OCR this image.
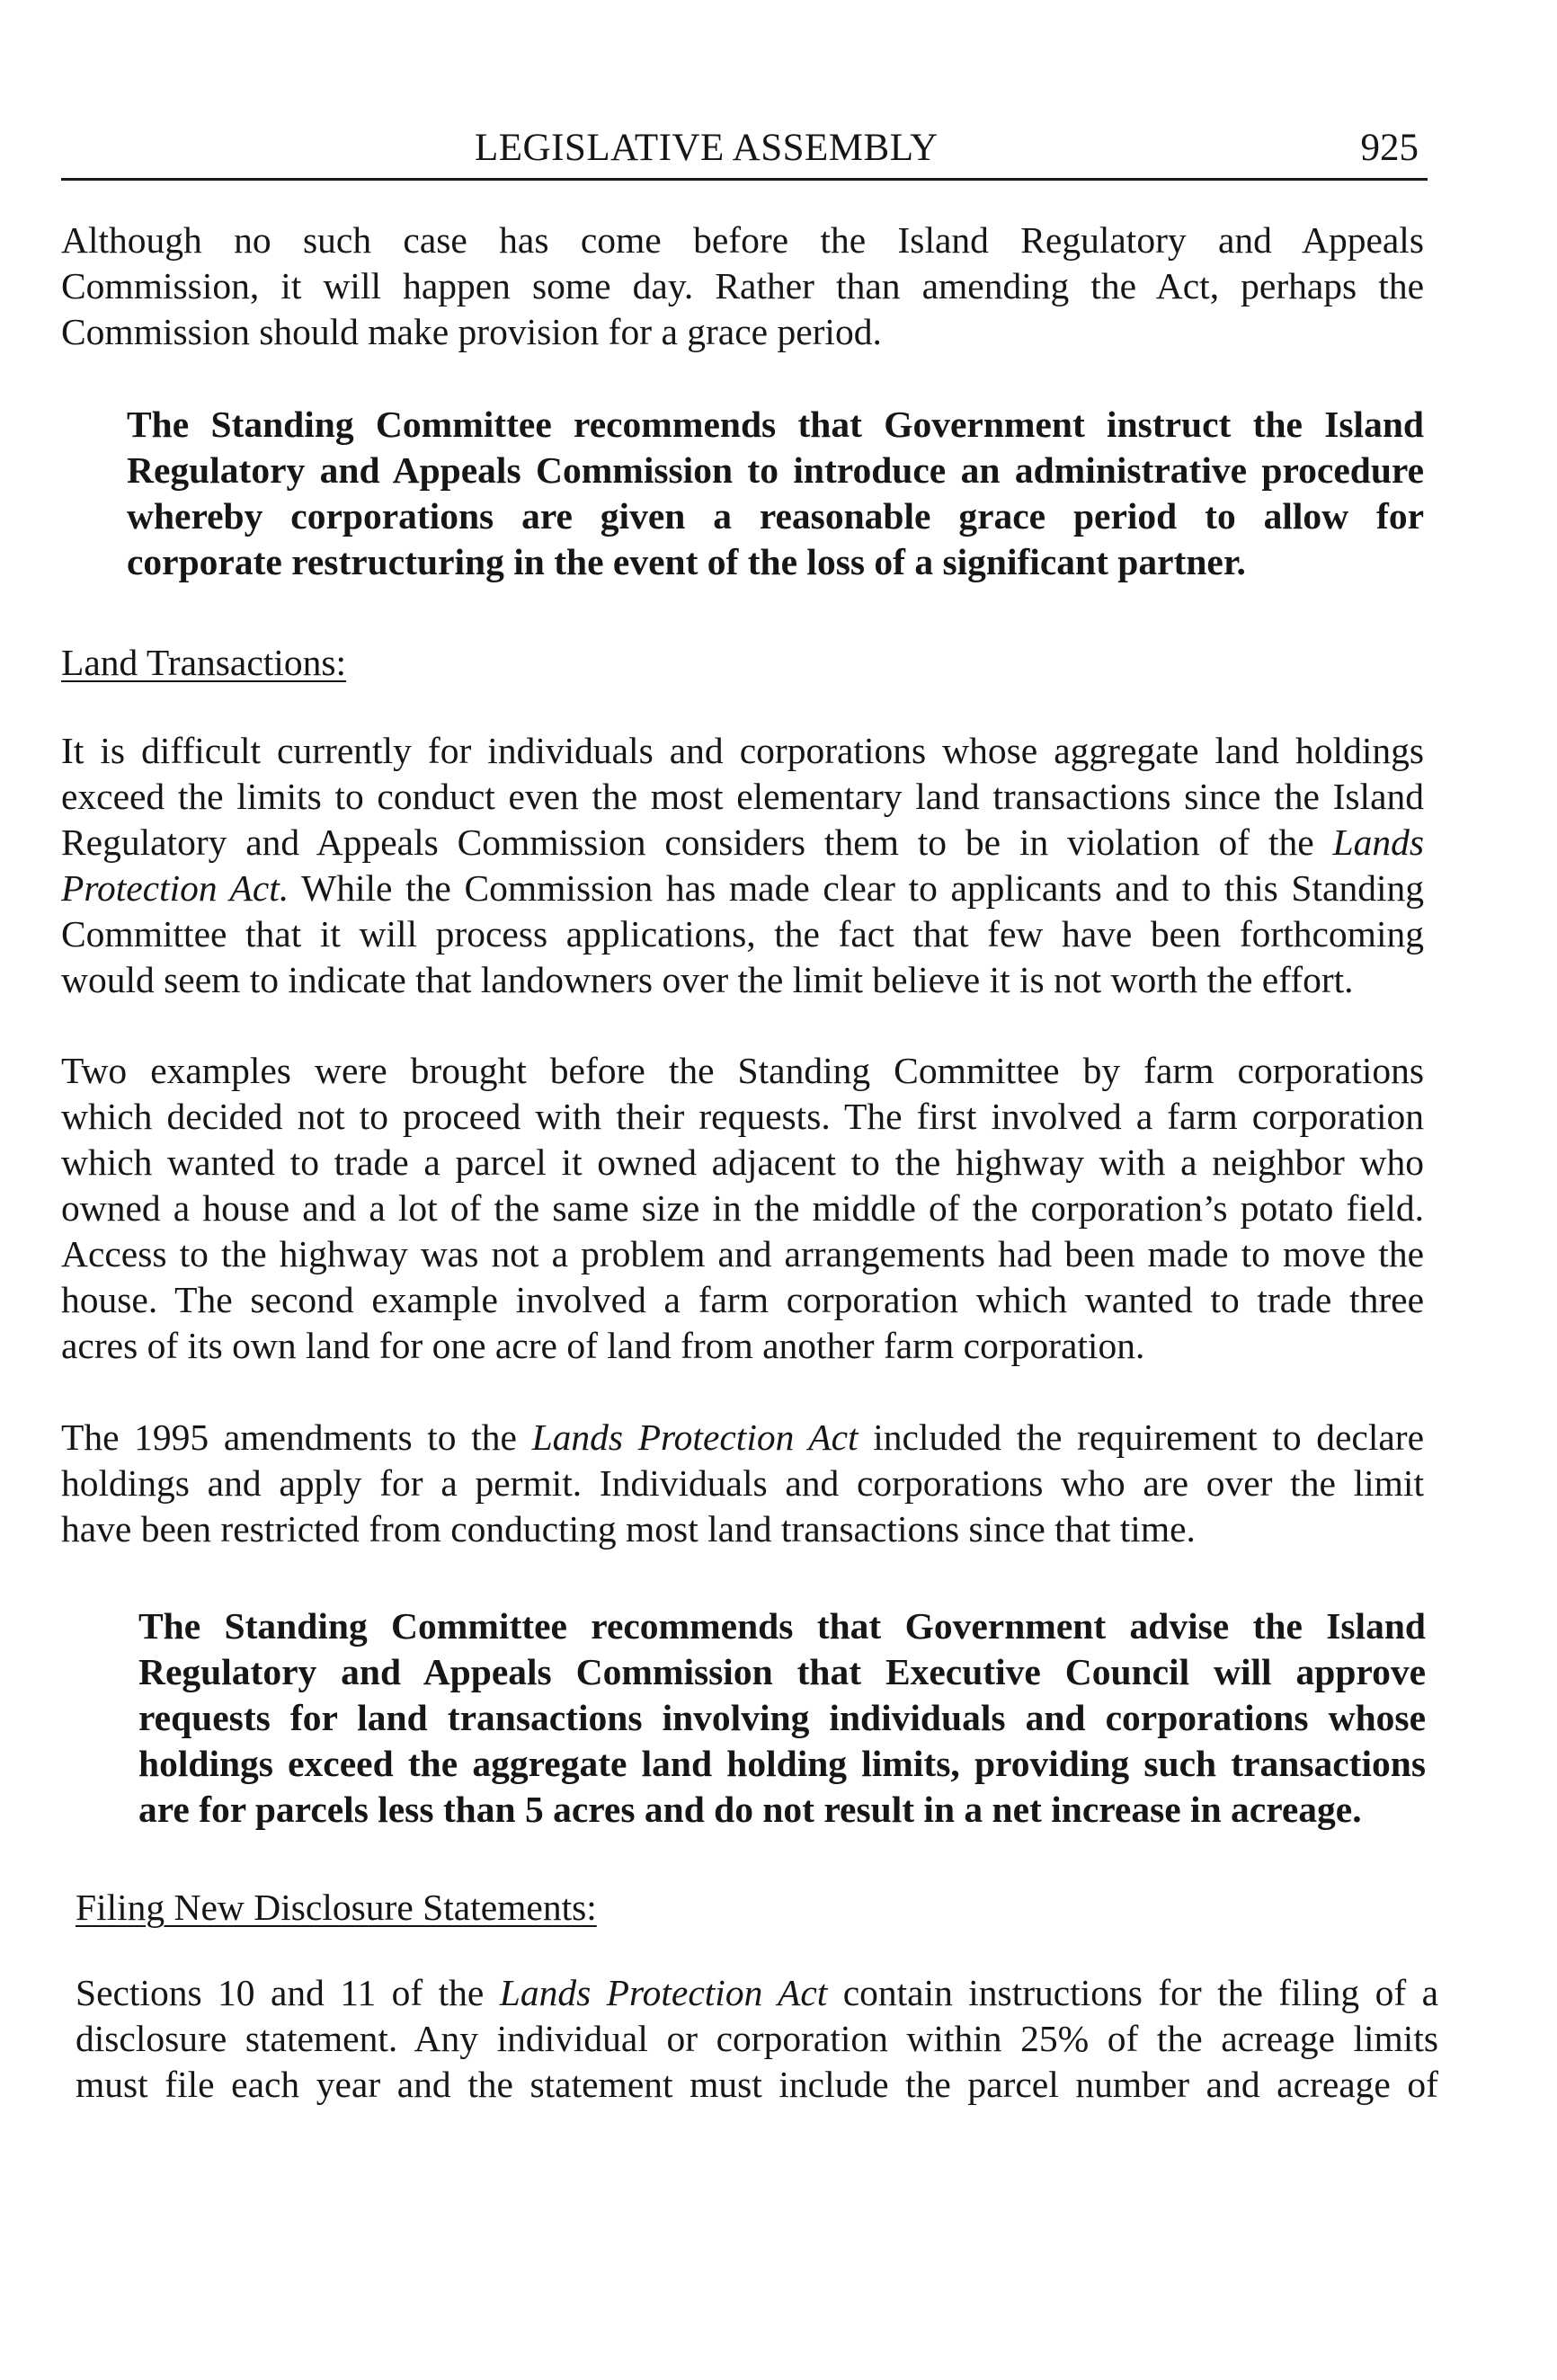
LEGISLATIVE ASSEMBLY	925
Although no such case has come before the Island Regulatory and Appeals
Commission, it will happen some day. Rather than amending the Act, perhaps the
Commission should make provision for a grace period.
The Standing Committee recommends that Government instruct the Island
Regulatory and Appeals Commission to introduce an administrative procedure
whereby corporations are given a reasonable grace period to allow for
corporate restructuring in the event of the loss of a significant partner.
Land Transactions:
It is difficult currently for individuals and corporations whose aggregate land holdings
exceed the limits to conduct even the most elementary land transactions since the Island
Regulatory and Appeals Commission considers them to be in violation of the Lands
Protection Act. While the Commission has made clear to applicants and to this Standing
Committee that it will process applications, the fact that few have been forthcoming
would seem to indicate that landowners over the limit believe it is not worth the effort.
Two examples were brought before the Standing Committee by farm corporations
which decided not to proceed with their requests. The first involved a farm corporation
which wanted to trade a parcel it owned adjacent to the highway with a neighbor who
owned a house and a lot of the same size in the middle of the corporation’s potato field.
Access to the highway was not a problem and arrangements had been made to move the
house. The second example involved a farm corporation which wanted to trade three
acres of its own land for one acre of land from another farm corporation.
The 1995 amendments to the Lands Protection Act included the requirement to declare
holdings and apply for a permit. Individuals and corporations who are over the limit
have been restricted from conducting most land transactions since that time.
The Standing Committee recommends that Government advise the Island
Regulatory and Appeals Commission that Executive Council will approve
requests for land transactions involving individuals and corporations whose
holdings exceed the aggregate land holding limits, providing such transactions
are for parcels less than 5 acres and do not result in a net increase in acreage.
Filing New Disclosure Statements:
Sections 10 and 11 of the Lands Protection Act contain instructions for the filing of a
disclosure statement. Any individual or corporation within 25% of the acreage limits
must file each year and the statement must include the parcel number and acreage of
